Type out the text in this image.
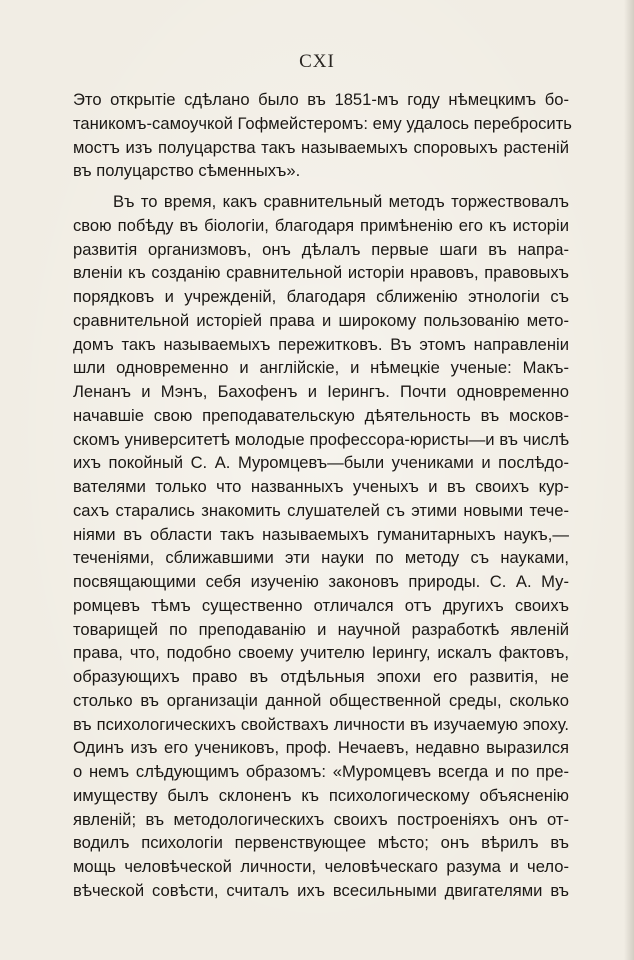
CXI
Это открытіе сдѣлано было въ 1851-мъ году нѣмецкимъ бо-
таникомъ-самоучкой Гофмейстеромъ: ему удалось перебросить
мостъ изъ полуцарства такъ называемыхъ споровыхъ растеній
въ полуцарство сѣменныхъ».
Въ то время, какъ сравнительный методъ торжествовалъ
свою побѣду въ біологіи, благодаря примѣненію его къ исторіи
развитія организмовъ, онъ дѣлалъ первые шаги въ напра-
вленіи къ созданію сравнительной исторіи нравовъ, правовыхъ
порядковъ и учрежденій, благодаря сближенію этнологіи съ
сравнительной исторіей права и широкому пользованію мето-
домъ такъ называемыхъ пережитковъ. Въ этомъ направленіи
шли одновременно и англійскіе, и нѣмецкіе ученые: Макъ-
Ленанъ и Мэнъ, Бахофенъ и Іерингъ. Почти одновременно
начавшіе свою преподавательскую дѣятельность въ москов-
скомъ университетѣ молодые профессора-юристы—и въ числѣ
ихъ покойный С. А. Муромцевъ—были учениками и послѣдо-
вателями только что названныхъ ученыхъ и въ своихъ кур-
сахъ старались знакомить слушателей съ этими новыми тече-
ніями въ области такъ называемыхъ гуманитарныхъ наукъ,—
теченіями, сближавшими эти науки по методу съ науками,
посвящающими себя изученію законовъ природы. С. А. Му-
ромцевъ тѣмъ существенно отличался отъ другихъ своихъ
товарищей по преподаванію и научной разработкѣ явленій
права, что, подобно своему учителю Іерингу, искалъ фактовъ,
образующихъ право въ отдѣльныя эпохи его развитія, не
столько въ организаціи данной общественной среды, сколько
въ психологическихъ свойствахъ личности въ изучаемую эпоху.
Одинъ изъ его учениковъ, проф. Нечаевъ, недавно выразился
о немъ слѣдующимъ образомъ: «Муромцевъ всегда и по пре-
имуществу былъ склоненъ къ психологическому объясненію
явленій; въ методологическихъ своихъ построеніяхъ онъ от-
водилъ психологіи первенствующее мѣсто; онъ вѣрилъ въ
мощь человѣческой личности, человѣческаго разума и чело-
вѣческой совѣсти, считалъ ихъ всесильными двигателями въ
